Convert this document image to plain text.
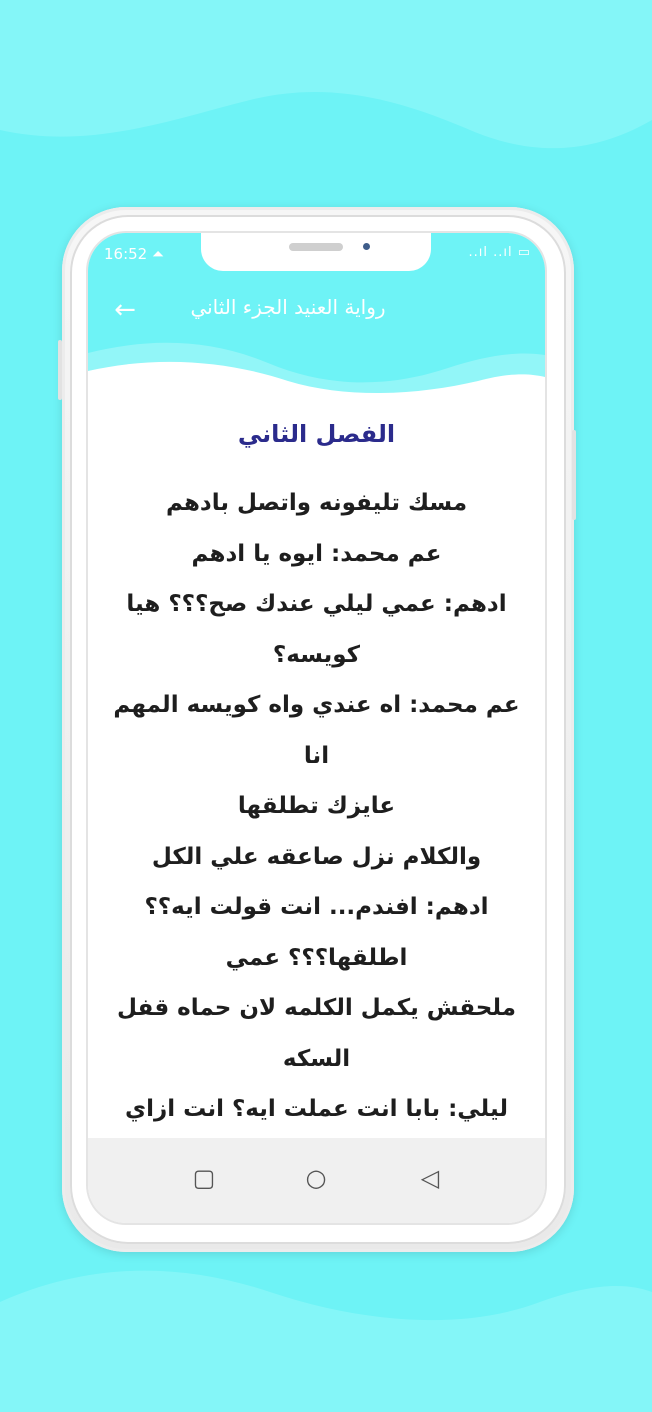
16:52 ⏶	..ıl ..ıl ▭
←	رواية العنيد الجزء الثاني
الفصل الثاني
مسك تليفونه واتصل بادهم
عم محمد: ايوه يا ادهم
ادهم: عمي ليلي عندك صح؟؟؟ هيا
كويسه؟
عم محمد: اه عندي واه كويسه المهم انا
عايزك تطلقها
والكلام نزل صاعقه علي الكل
ادهم: افندم... انت قولت ايه؟؟
اطلقها؟؟؟ عمي
ملحقش يكمل الكلمه لان حماه قفل
السكه
ليلي: بابا انت عملت ايه؟ انت ازاي

▢	○	◁
